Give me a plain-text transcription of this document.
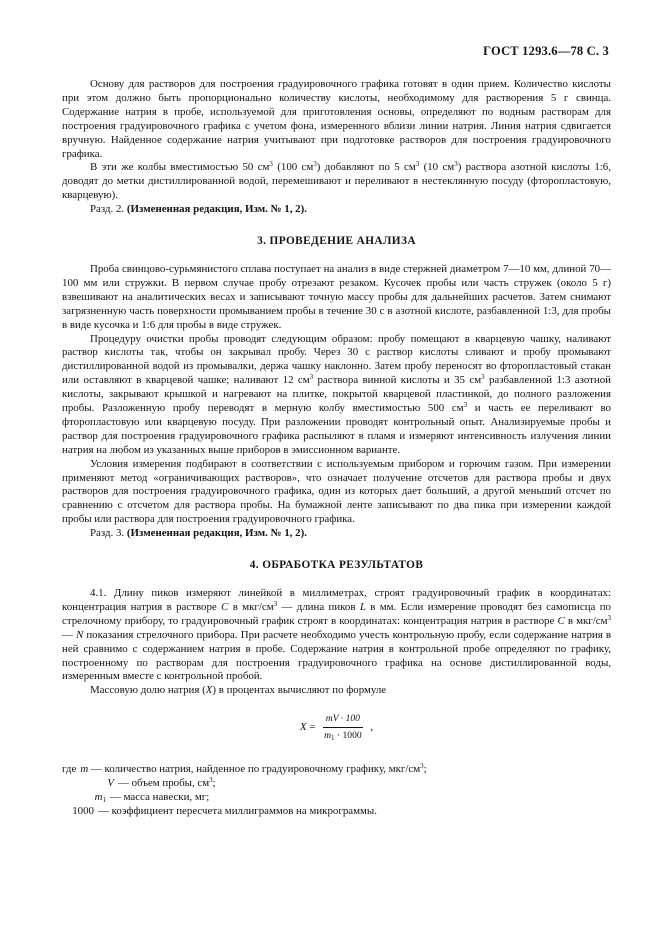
ГОСТ 1293.6—78 С. 3

Основу для растворов для построения градуировочного графика готовят в один прием. Количество кислоты при этом должно быть пропорционально количеству кислоты, необходимому для растворения 5 г свинца. Содержание натрия в пробе, используемой для приготовления основы, определяют по водным растворам для построения градуировочного графика с учетом фона, измеренного вблизи линии натрия. Линия натрия сдвигается вручную. Найденное содержание натрия учитывают при подготовке растворов для построения градуировочного графика.

В эти же колбы вместимостью 50 $см^3$ (100 $см^3$) добавляют по 5 $см^3$ (10 $см^3$) раствора азотной кислоты 1:6, доводят до метки дистиллированной водой, перемешивают и переливают в нестеклянную посуду (фторопластовую, кварцевую).

Разд. 2. (Измененная редакция, Изм. № 1, 2).

3. ПРОВЕДЕНИЕ АНАЛИЗА

Проба свинцово-сурьмянистого сплава поступает на анализ в виде стержней диаметром 7—10 мм, длиной 70—100 мм или стружки. В первом случае пробу отрезают резаком. Кусочек пробы или часть стружек (около 5 г) взвешивают на аналитических весах и записывают точную массу пробы для дальнейших расчетов. Затем снимают загрязненную часть поверхности промыванием пробы в течение 30 с в азотной кислоте, разбавленной 1:3, для пробы в виде кусочка и 1:6 для пробы в виде стружек.

Процедуру очистки пробы проводят следующим образом: пробу помещают в кварцевую чашку, наливают раствор кислоты так, чтобы он закрывал пробу. Через 30 с раствор кислоты сливают и пробу промывают дистиллированной водой из промывалки, держа чашку наклонно. Затем пробу переносят во фторопластовый стакан или оставляют в кварцевой чашке; наливают 12 $см^3$ раствора винной кислоты и 35 $см^3$ разбавленной 1:3 азотной кислоты, закрывают крышкой и нагревают на плитке, покрытой кварцевой пластинкой, до полного разложения пробы. Разложенную пробу переводят в мерную колбу вместимостью 500 $см^3$ и часть ее переливают во фторопластовую или кварцевую посуду. При разложении проводят контрольный опыт. Анализируемые пробы и раствор для построения градуировочного графика распыляют в пламя и измеряют интенсивность излучения линии натрия на любом из указанных выше приборов в эмиссионном варианте.

Условия измерения подбирают в соответствии с используемым прибором и горючим газом. При измерении применяют метод «ограничивающих растворов», что означает получение отсчетов для раствора пробы и двух растворов для построения градуировочного графика, один из которых дает больший, а другой меньший отсчет по сравнению с отсчетом для раствора пробы. На бумажной ленте записывают по два пика при измерении каждой пробы или раствора для построения градуировочного графика.

Разд. 3. (Измененная редакция, Изм. № 1, 2).

4. ОБРАБОТКА РЕЗУЛЬТАТОВ

4.1. Длину пиков измеряют линейкой в миллиметрах, строят градуировочный график в координатах: концентрация натрия в растворе C в мкг/$см^3$ — длина пиков L в мм. Если измерение проводят без самописца по стрелочному прибору, то градуировочный график строят в координатах: концентрация натрия в растворе C в мкг/$см^3$ — N показания стрелочного прибора. При расчете необходимо учесть контрольную пробу, если содержание натрия в ней сравнимо с содержанием натрия в пробе. Содержание натрия в контрольной пробе определяют по графику, построенному по растворам для построения градуировочного графика на основе дистиллированной воды, измеренным вместе с контрольной пробой.

Массовую долю натрия (X) в процентах вычисляют по формуле

$X = \frac{mV \cdot 100}{m_1 \cdot 1000}$ ,
где m — количество натрия, найденное по градуировочному графику, мкг/$см^3$;
V — объем пробы, $см^3$;
$m_1$ — масса навески, мг;
1000 — коэффициент пересчета миллиграммов на микрограммы.
